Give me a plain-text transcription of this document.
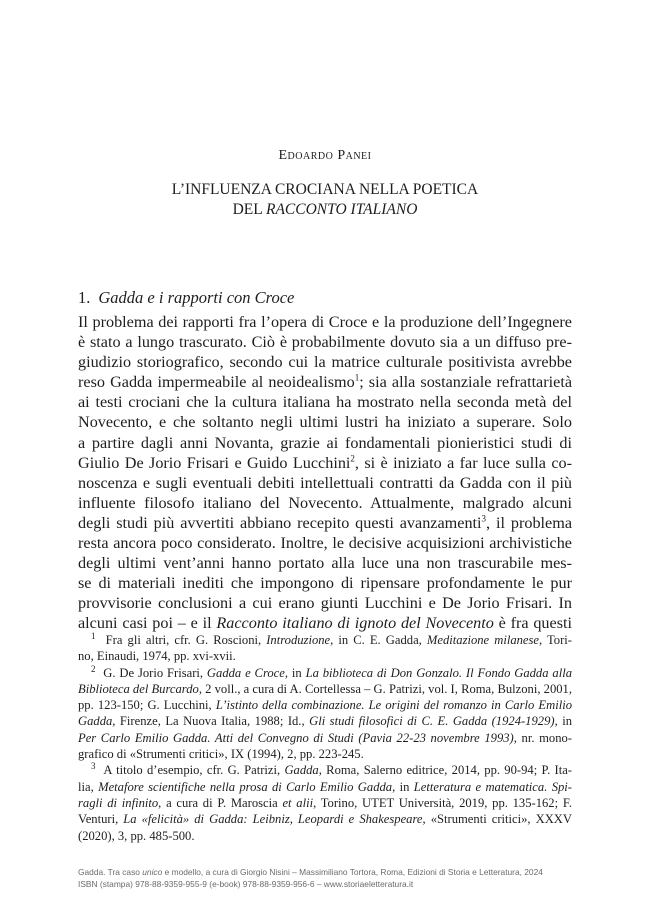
Edoardo Panei
L’INFLUENZA CROCIANA NELLA POETICA
DEL RACCONTO ITALIANO
1. Gadda e i rapporti con Croce
Il problema dei rapporti fra l’opera di Croce e la produzione dell’Ingegnere
è stato a lungo trascurato. Ciò è probabilmente dovuto sia a un diffuso pre-
giudizio storiografico, secondo cui la matrice culturale positivista avrebbe
reso Gadda impermeabile al neoidealismo$^1$; sia alla sostanziale refrattarietà
ai testi crociani che la cultura italiana ha mostrato nella seconda metà del
Novecento, e che soltanto negli ultimi lustri ha iniziato a superare. Solo
a partire dagli anni Novanta, grazie ai fondamentali pionieristici studi di
Giulio De Jorio Frisari e Guido Lucchini$^2$, si è iniziato a far luce sulla co-
noscenza e sugli eventuali debiti intellettuali contratti da Gadda con il più
influente filosofo italiano del Novecento. Attualmente, malgrado alcuni
degli studi più avvertiti abbiano recepito questi avanzamenti$^3$, il problema
resta ancora poco considerato. Inoltre, le decisive acquisizioni archivistiche
degli ultimi vent’anni hanno portato alla luce una non trascurabile mes-
se di materiali inediti che impongono di ripensare profondamente le pur
provvisorie conclusioni a cui erano giunti Lucchini e De Jorio Frisari. In
alcuni casi poi – e il Racconto italiano di ignoto del Novecento è fra questi
$^1$ Fra gli altri, cfr. G. Roscioni, Introduzione, in C. E. Gadda, Meditazione milanese, Tori-
no, Einaudi, 1974, pp. xvi-xvii.
$^2$ G. De Jorio Frisari, Gadda e Croce, in La biblioteca di Don Gonzalo. Il Fondo Gadda alla
Biblioteca del Burcardo, 2 voll., a cura di A. Cortellessa – G. Patrizi, vol. I, Roma, Bulzoni, 2001,
pp. 123-150; G. Lucchini, L’istinto della combinazione. Le origini del romanzo in Carlo Emilio
Gadda, Firenze, La Nuova Italia, 1988; Id., Gli studi filosofici di C. E. Gadda (1924-1929), in
Per Carlo Emilio Gadda. Atti del Convegno di Studi (Pavia 22-23 novembre 1993), nr. mono-
grafico di «Strumenti critici», IX (1994), 2, pp. 223-245.
$^3$ A titolo d’esempio, cfr. G. Patrizi, Gadda, Roma, Salerno editrice, 2014, pp. 90-94; P. Ita-
lia, Metafore scientifiche nella prosa di Carlo Emilio Gadda, in Letteratura e matematica. Spi-
ragli di infinito, a cura di P. Maroscia et alii, Torino, UTET Università, 2019, pp. 135-162; F.
Venturi, La «felicità» di Gadda: Leibniz, Leopardi e Shakespeare, «Strumenti critici», XXXV
(2020), 3, pp. 485-500.
Gadda. Tra caso unico e modello, a cura di Giorgio Nisini – Massimiliano Tortora, Roma, Edizioni di Storia e Letteratura, 2024
ISBN (stampa) 978-88-9359-955-9 (e-book) 978-88-9359-956-6 – www.storiaeletteratura.it
